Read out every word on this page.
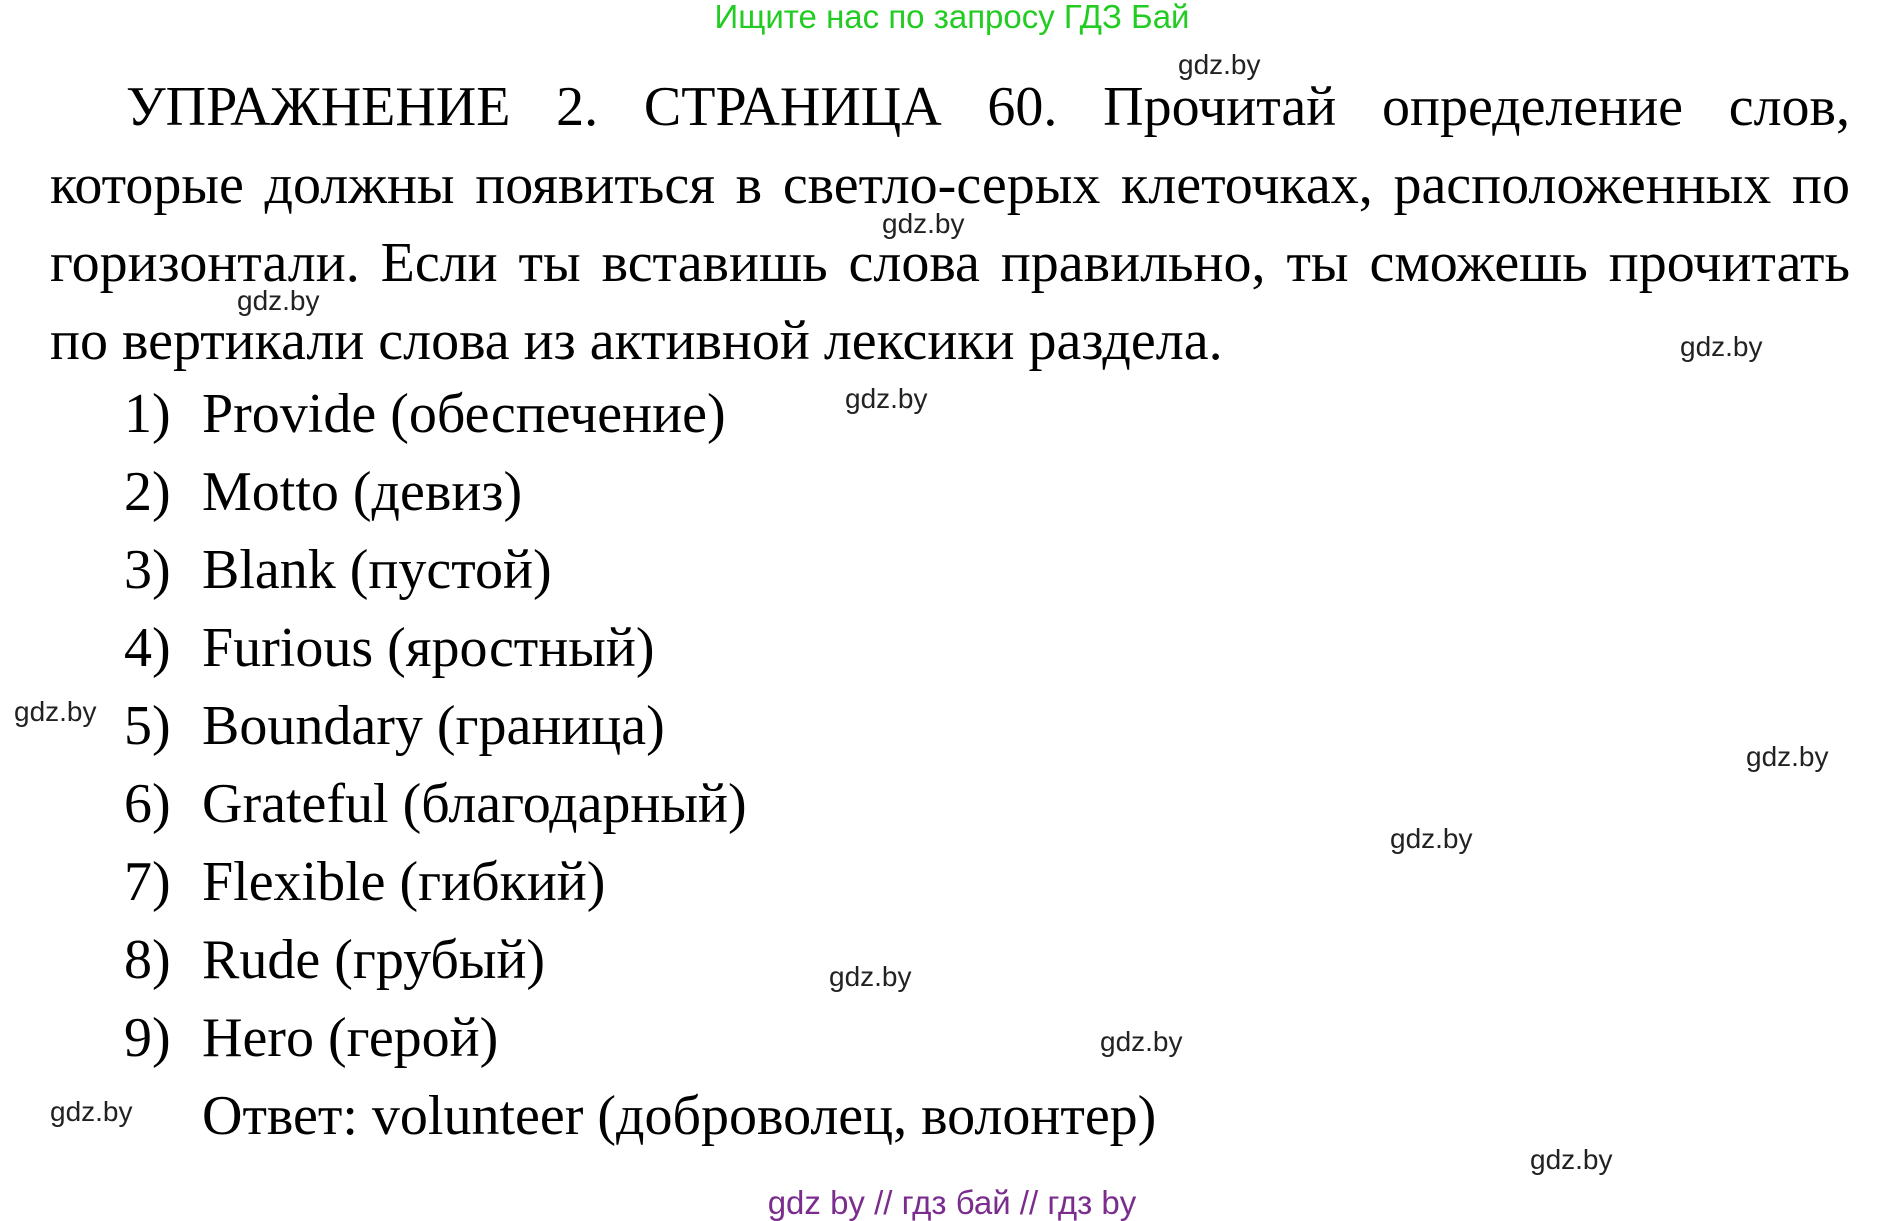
Ищите нас по запросу ГДЗ Бай
УПРАЖНЕНИЕ 2. СТРАНИЦА 60. Прочитай определение слов, которые должны появиться в светло-серых клеточках, расположенных по горизонтали. Если ты вставишь слова правильно, ты сможешь прочитать по вертикали слова из активной лексики раздела.
1) Provide (обеспечение)
2) Motto (девиз)
3) Blank (пустой)
4) Furious (яростный)
5) Boundary (граница)
6) Grateful (благодарный)
7) Flexible (гибкий)
8) Rude (грубый)
9) Hero (герой)
Ответ: volunteer (доброволец, волонтер)
gdz.by
gdz.by
gdz.by
gdz.by
gdz.by
gdz.by
gdz.by
gdz.by
gdz.by
gdz.by
gdz.by
gdz.by
gdz by // гдз бай // гдз by
